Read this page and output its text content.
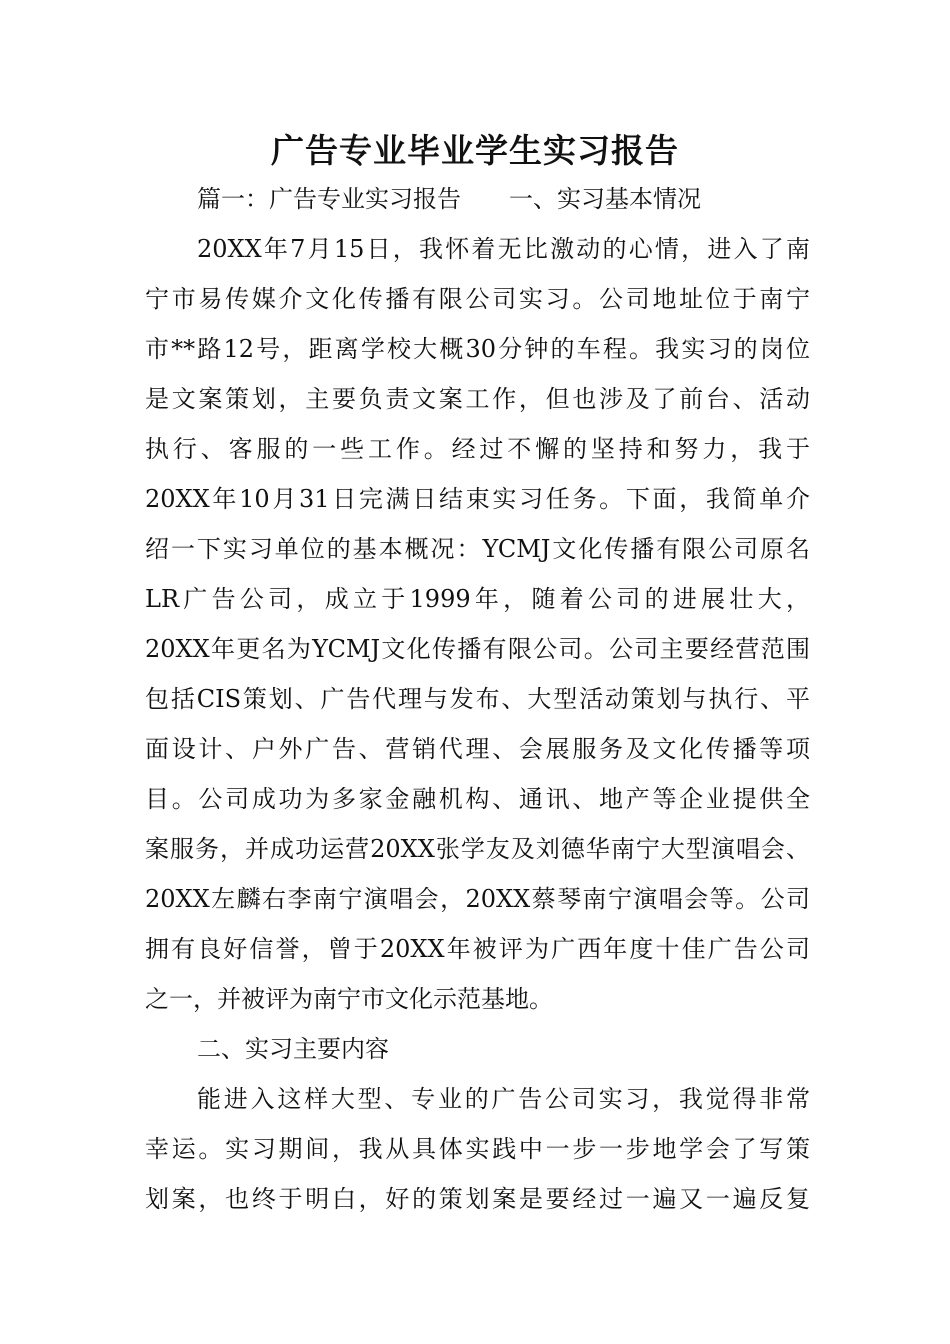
广告专业毕业学生实习报告
篇一：广告专业实习报告 一、实习基本情况
20XX年7月15日，我怀着无比激动的心情，进入了南
宁市易传媒介文化传播有限公司实习。公司地址位于南宁
市**路12号，距离学校大概30分钟的车程。我实习的岗位
是文案策划，主要负责文案工作，但也涉及了前台、活动
执行、客服的一些工作。经过不懈的坚持和努力，我于
20XX年10月31日完满日结束实习任务。下面，我简单介
绍一下实习单位的基本概况：YCMJ文化传播有限公司原名
LR广告公司，成立于1999年，随着公司的进展壮大，
20XX年更名为YCMJ文化传播有限公司。公司主要经营范围
包括CIS策划、广告代理与发布、大型活动策划与执行、平
面设计、户外广告、营销代理、会展服务及文化传播等项
目。公司成功为多家金融机构、通讯、地产等企业提供全
案服务，并成功运营20XX张学友及刘德华南宁大型演唱会、
20XX左麟右李南宁演唱会，20XX蔡琴南宁演唱会等。公司
拥有良好信誉，曾于20XX年被评为广西年度十佳广告公司
之一，并被评为南宁市文化示范基地。
二、实习主要内容
能进入这样大型、专业的广告公司实习，我觉得非常
幸运。实习期间，我从具体实践中一步一步地学会了写策
划案，也终于明白，好的策划案是要经过一遍又一遍反复
